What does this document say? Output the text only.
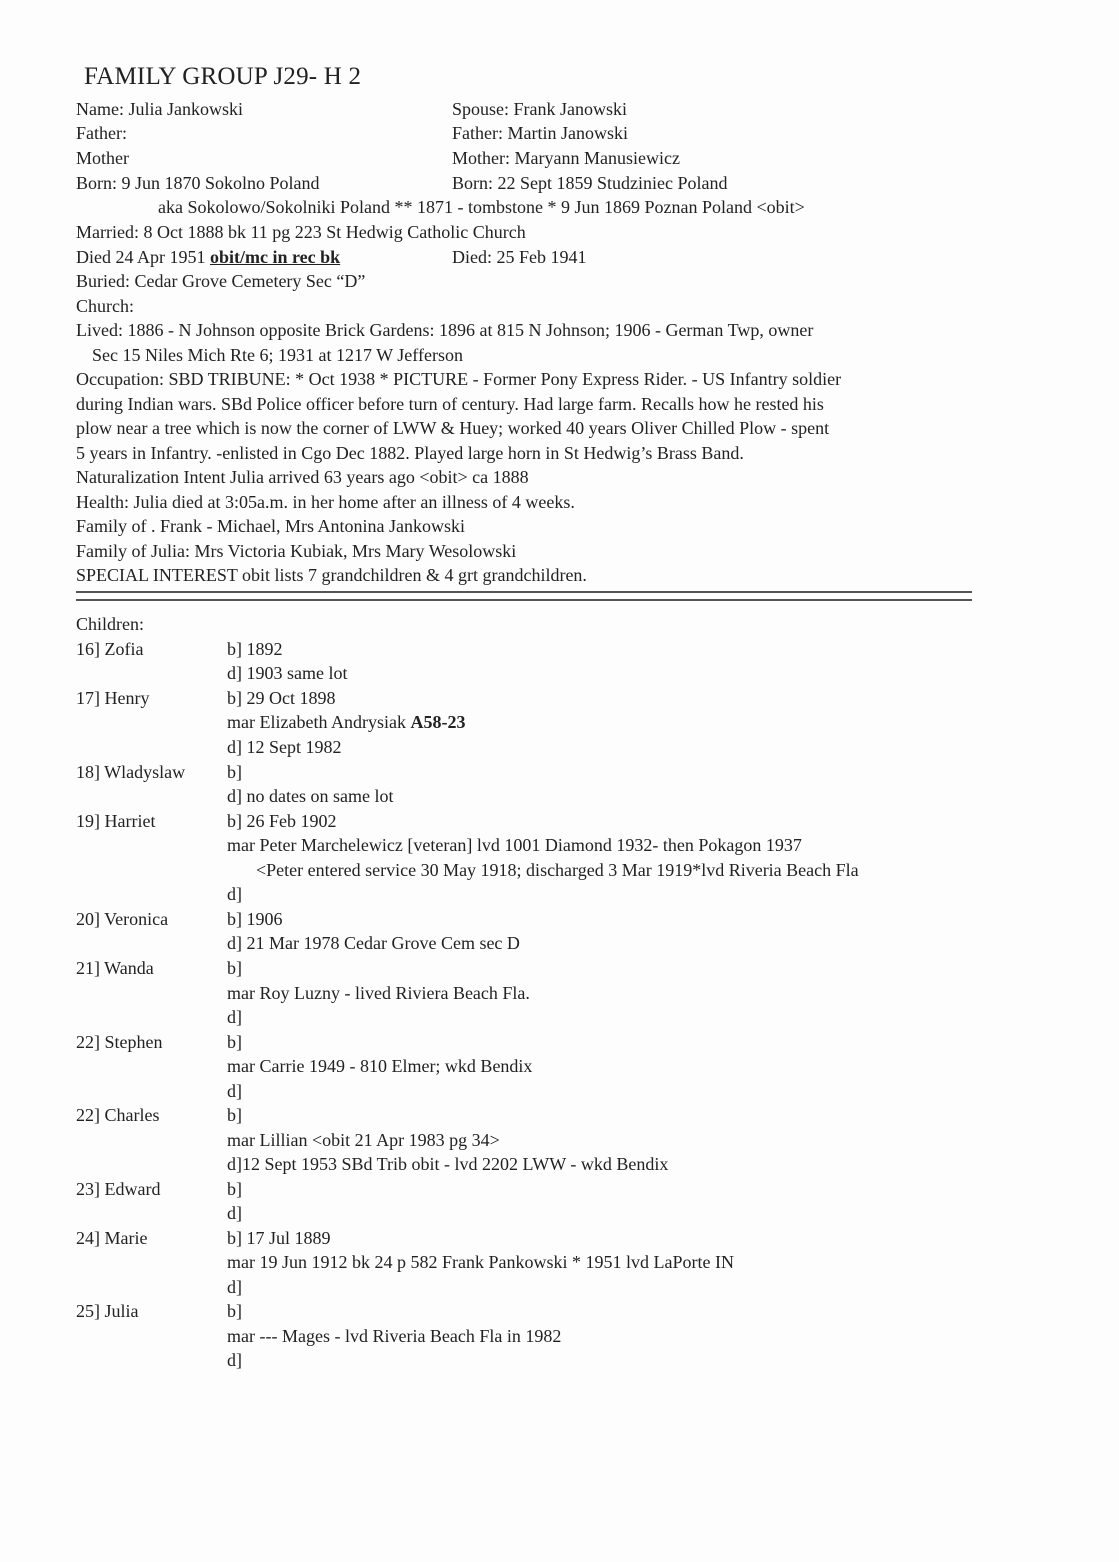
FAMILY GROUP J29- H 2
Name: Julia Jankowski	Spouse: Frank Janowski
Father:	Father: Martin Janowski
Mother	Mother: Maryann Manusiewicz
Born: 9 Jun 1870 Sokolno Poland	Born: 22 Sept 1859 Studziniec Poland
aka Sokolowo/Sokolniki Poland ** 1871 - tombstone * 9 Jun 1869 Poznan Poland <obit>
Married: 8 Oct 1888 bk 11 pg 223 St Hedwig Catholic Church
Died 24 Apr 1951 obit/mc in rec bk	Died: 25 Feb 1941
Buried: Cedar Grove Cemetery Sec “D”
Church:
Lived: 1886 - N Johnson opposite Brick Gardens: 1896 at 815 N Johnson; 1906 - German Twp, owner
Sec 15 Niles Mich Rte 6; 1931 at 1217 W Jefferson
Occupation: SBD TRIBUNE: * Oct 1938 * PICTURE - Former Pony Express Rider. - US Infantry soldier
during Indian wars. SBd Police officer before turn of century. Had large farm. Recalls how he rested his
plow near a tree which is now the corner of LWW & Huey; worked 40 years Oliver Chilled Plow - spent
5 years in Infantry. -enlisted in Cgo Dec 1882. Played large horn in St Hedwig’s Brass Band.
Naturalization Intent Julia arrived 63 years ago <obit> ca 1888
Health: Julia died at 3:05a.m. in her home after an illness of 4 weeks.
Family of . Frank - Michael, Mrs Antonina Jankowski
Family of Julia: Mrs Victoria Kubiak, Mrs Mary Wesolowski
SPECIAL INTEREST obit lists 7 grandchildren & 4 grt grandchildren.
Children:
16] Zofia	b] 1892
d] 1903 same lot
17] Henry	b] 29 Oct 1898
mar Elizabeth Andrysiak A58-23
d] 12 Sept 1982
18] Wladyslaw b]
d] no dates on same lot
19] Harriet	b] 26 Feb 1902
mar Peter Marchelewicz [veteran] lvd 1001 Diamond 1932- then Pokagon 1937
<Peter entered service 30 May 1918; discharged 3 Mar 1919*lvd Riveria Beach Fla
d]
20] Veronica	b] 1906
d] 21 Mar 1978 Cedar Grove Cem sec D
21] Wanda	b]
mar Roy Luzny - lived Riviera Beach Fla.
d]
22] Stephen	b]
mar Carrie 1949 - 810 Elmer; wkd Bendix
d]
22] Charles	b]
mar Lillian <obit 21 Apr 1983 pg 34>
d]12 Sept 1953 SBd Trib obit - lvd 2202 LWW - wkd Bendix
23] Edward	b]
d]
24] Marie	b] 17 Jul 1889
mar 19 Jun 1912 bk 24 p 582 Frank Pankowski * 1951 lvd LaPorte IN
d]
25] Julia	b]
mar --- Mages - lvd Riveria Beach Fla in 1982
d]
